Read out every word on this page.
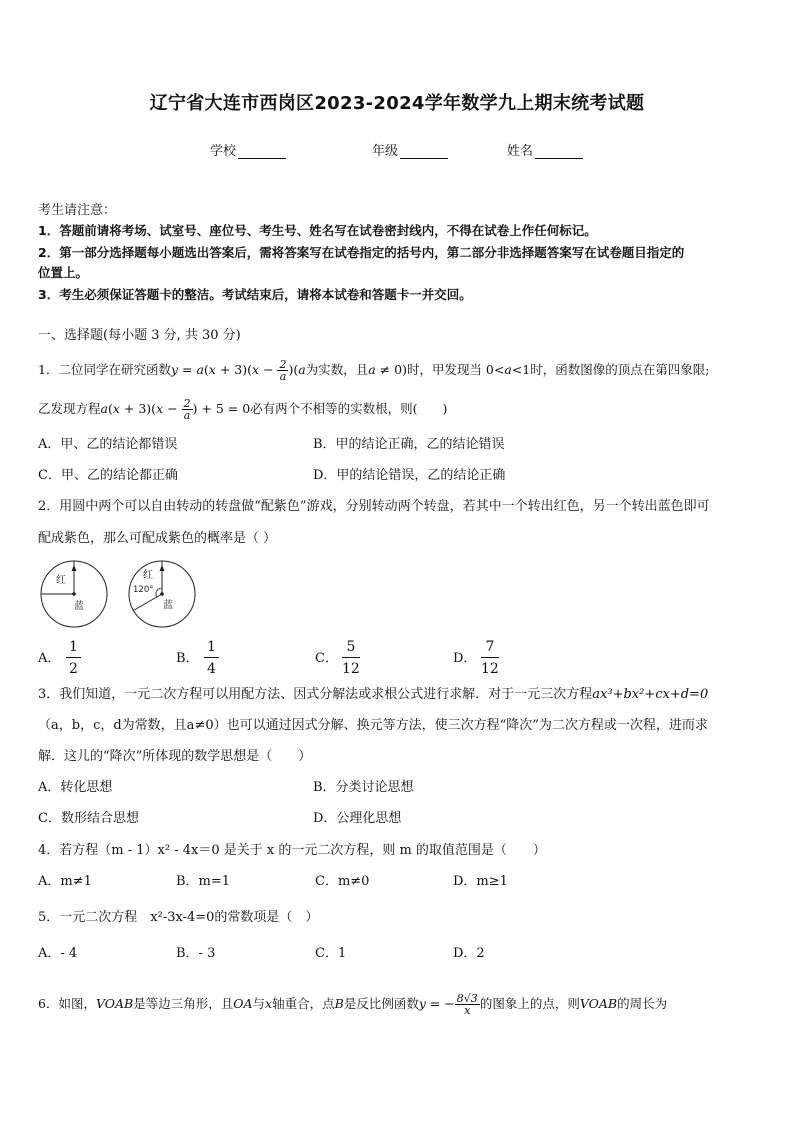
辽宁省大连市西岗区2023-2024学年数学九上期末统考试题
学校	年级	姓名
考生请注意：
1．答题前请将考场、试室号、座位号、考生号、姓名写在试卷密封线内，不得在试卷上作任何标记。
2．第一部分选择题每小题选出答案后，需将答案写在试卷指定的括号内，第二部分非选择题答案写在试卷题目指定的
位置上。
3．考生必须保证答题卡的整洁。考试结束后，请将本试卷和答题卡一并交回。
一、选择题(每小题 3 分, 共 30 分)
1．二位同学在研究函数$y = a(x + 3)(x - \frac{2}{a} )(a$为实数，且a ≠ 0)时，甲发现当 0<a<1时，函数图像的顶点在第四象限;
乙发现方程$a(x + 3)(x - \frac{2}{a}$ ) + 5 = 0必有两个不相等的实数根，则(　　)
A．甲、乙的结论都错误	B．甲的结论正确，乙的结论错误
C．甲、乙的结论都正确	D．甲的结论错误，乙的结论正确
2．用圆中两个可以自由转动的转盘做“配紫色”游戏，分别转动两个转盘，若其中一个转出红色，另一个转出蓝色即可
配成紫色，那么可配成紫色的概率是（ ）
红
蓝
红
120°
蓝
A．
1
2
B．
1
4
C．
5
12
D．
7
12
3．我们知道，一元二次方程可以用配方法、因式分解法或求根公式进行求解．对于一元三次方程ax³+bx²+cx+d=0
（a，b，c，d为常数，且a≠0）也可以通过因式分解、换元等方法，使三次方程“降次”为二次方程或一次程，进而求
解．这儿的“降次”所体现的数学思想是（　　）
A．转化思想	B．分类讨论思想
C．数形结合思想	D．公理化思想
4．若方程（m - 1）x² - 4x＝0 是关于 x 的一元二次方程，则 m 的取值范围是（　　）
A．m≠1	B．m=1	C．m≠0	D．m≥1
5．一元二次方程　x²-3x-4=0的常数项是（　）
A．- 4	B．- 3	C．1	D．2
6．如图，VOAB是等边三角形，且OA与x轴重合，点B是反比例函数y = − $\frac{8√3}{x}$ 的图象上的点，则VOAB的周长为
